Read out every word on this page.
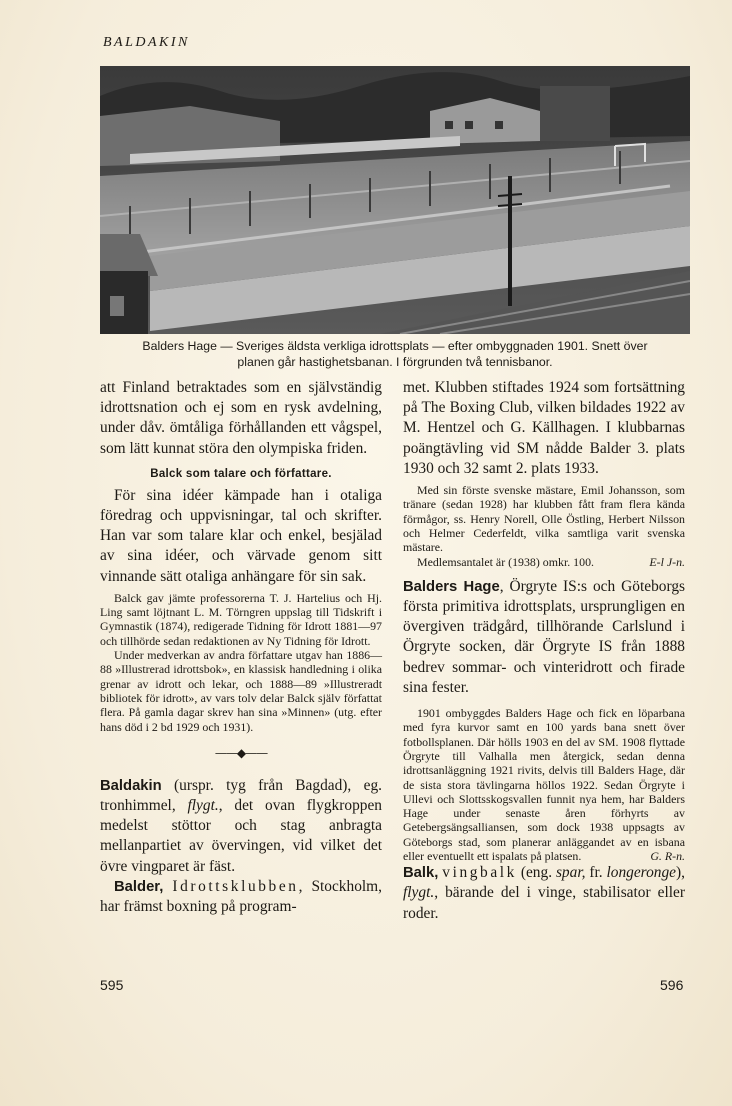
BALDAKIN
Balders Hage — Sveriges äldsta verkliga idrottsplats — efter ombyggnaden 1901. Snett över
planen går hastighetsbanan. I förgrunden två tennisbanor.

att Finland betraktades som en självständig idrottsnation och ej som en rysk avdelning, under dåv. ömtåliga förhållanden ett vågspel, som lätt kunnat störa den olympiska friden.

Balck som talare och författare.

För sina idéer kämpade han i otaliga föredrag och uppvisningar, tal och skrifter. Han var som talare klar och enkel, besjälad av sina idéer, och värvade genom sitt vinnande sätt otaliga anhängare för sin sak.

Balck gav jämte professorerna T. J. Hartelius och Hj. Ling samt löjtnant L. M. Törngren uppslag till Tidskrift i Gymnastik (1874), redigerade Tidning för Idrott 1881—97 och tillhörde sedan redaktionen av Ny Tidning för Idrott.

Under medverkan av andra författare utgav han 1886—88 »Illustrerad idrottsbok», en klassisk handledning i olika grenar av idrott och lekar, och 1888—89 »Illustreradt bibliotek för idrott», av vars tolv delar Balck själv författat flera. På gamla dagar skrev han sina »Minnen» (utg. efter hans död i 2 bd 1929 och 1931).

——◆——

Baldakin (urspr. tyg från Bagdad), eg. tronhimmel, flygt., det ovan flygkroppen medelst stöttor och stag anbragta mellanpartiet av övervingen, vid vilket det övre vingparet är fäst.

Balder, Idrottsklubben, Stockholm, har främst boxning på program-

met. Klubben stiftades 1924 som fortsättning på The Boxing Club, vilken bildades 1922 av M. Hentzel och G. Källhagen. I klubbarnas poängtävling vid SM nådde Balder 3. plats 1930 och 32 samt 2. plats 1933.

Med sin förste svenske mästare, Emil Johansson, som tränare (sedan 1928) har klubben fått fram flera kända förmågor, ss. Henry Norell, Olle Östling, Herbert Nilsson och Helmer Cederfeldt, vilka samtliga varit svenska mästare.

Medlemsantalet är (1938) omkr. 100.	E-l J-n.

Balders Hage, Örgryte IS:s och Göteborgs första primitiva idrottsplats, ursprungligen en övergiven trädgård, tillhörande Carlslund i Örgryte socken, där Örgryte IS från 1888 bedrev sommar- och vinteridrott och firade sina fester.

1901 ombyggdes Balders Hage och fick en löparbana med fyra kurvor samt en 100 yards bana snett över fotbollsplanen. Där hölls 1903 en del av SM. 1908 flyttade Örgryte till Valhalla men återgick, sedan denna idrottsanläggning 1921 rivits, delvis till Balders Hage, där de sista stora tävlingarna höllos 1922. Sedan Örgryte i Ullevi och Slottsskogsvallen funnit nya hem, har Balders Hage under senaste åren förhyrts av Getebergsängsalliansen, som dock 1938 uppsagts av Göteborgs stad, som planerar anläggandet av en isbana eller eventuellt ett ispalats på platsen.	G. R-n.

Balk, vingbalk (eng. spar, fr. longeronge), flygt., bärande del i vinge, stabilisator eller roder.

595	596
